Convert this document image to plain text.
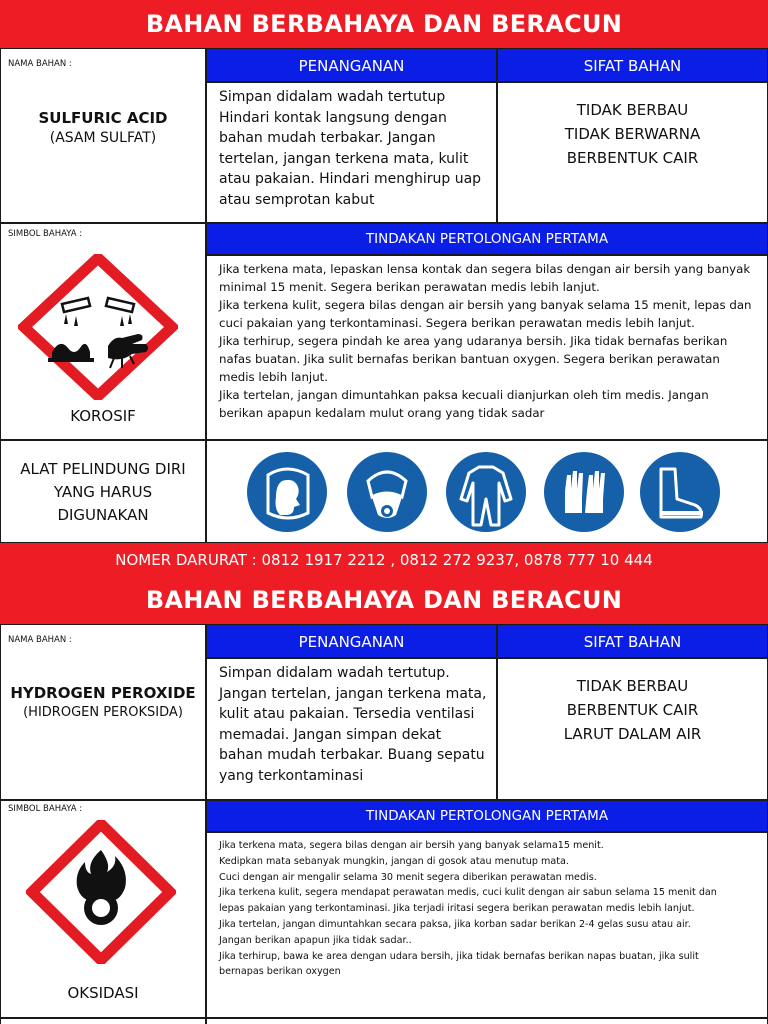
BAHAN BERBAHAYA DAN BERACUN
NAMA BAHAN :
SULFURIC ACID
(ASAM SULFAT)
PENANGANAN	SIFAT BAHAN
Simpan didalam wadah tertutup Hindari kontak langsung dengan bahan mudah terbakar. Jangan tertelan, jangan terkena mata, kulit atau pakaian. Hindari menghirup uap atau semprotan kabut
TIDAK BERBAU
TIDAK BERWARNA
BERBENTUK CAIR
SIMBOL BAHAYA :
KOROSIF
TINDAKAN PERTOLONGAN PERTAMA
Jika terkena mata, lepaskan lensa kontak dan segera bilas dengan air bersih yang banyak
minimal 15 menit. Segera berikan perawatan medis lebih lanjut.
Jika terkena kulit, segera bilas dengan air bersih yang banyak selama 15 menit, lepas dan
cuci pakaian yang terkontaminasi. Segera berikan perawatan medis lebih lanjut.
Jika terhirup, segera pindah ke area yang udaranya bersih. Jika tidak bernafas berikan
nafas buatan. Jika sulit bernafas berikan bantuan oxygen. Segera berikan perawatan
medis lebih lanjut.
Jika tertelan, jangan dimuntahkan paksa kecuali dianjurkan oleh tim medis. Jangan
berikan apapun kedalam mulut orang yang tidak sadar
ALAT PELINDUNG DIRI
YANG HARUS
DIGUNAKAN
NOMER DARURAT : 0812 1917 2212 , 0812 272 9237, 0878 777 10 444
BAHAN BERBAHAYA DAN BERACUN
NAMA BAHAN :
HYDROGEN PEROXIDE
(HIDROGEN PEROKSIDA)
PENANGANAN	SIFAT BAHAN
Simpan didalam wadah tertutup. Jangan tertelan, jangan terkena mata, kulit atau pakaian. Tersedia ventilasi memadai. Jangan simpan dekat bahan mudah terbakar. Buang sepatu yang terkontaminasi
TIDAK BERBAU
BERBENTUK CAIR
LARUT DALAM AIR
SIMBOL BAHAYA :
OKSIDASI
TINDAKAN PERTOLONGAN PERTAMA
Jika terkena mata, segera bilas dengan air bersih yang banyak selama15 menit.
Kedipkan mata sebanyak mungkin, jangan di gosok atau menutup mata.
Cuci dengan air mengalir selama 30 menit segera diberikan perawatan medis.
Jika terkena kulit, segera mendapat perawatan medis, cuci kulit dengan air sabun selama 15 menit dan
lepas pakaian yang terkontaminasi. Jika terjadi iritasi segera berikan perawatan medis lebih lanjut.
Jika tertelan, jangan dimuntahkan secara paksa, jika korban sadar berikan 2-4 gelas susu atau air.
Jangan berikan apapun jika tidak sadar..
Jika terhirup, bawa ke area dengan udara bersih, jika tidak bernafas berikan napas buatan, jika sulit
bernapas berikan oxygen
